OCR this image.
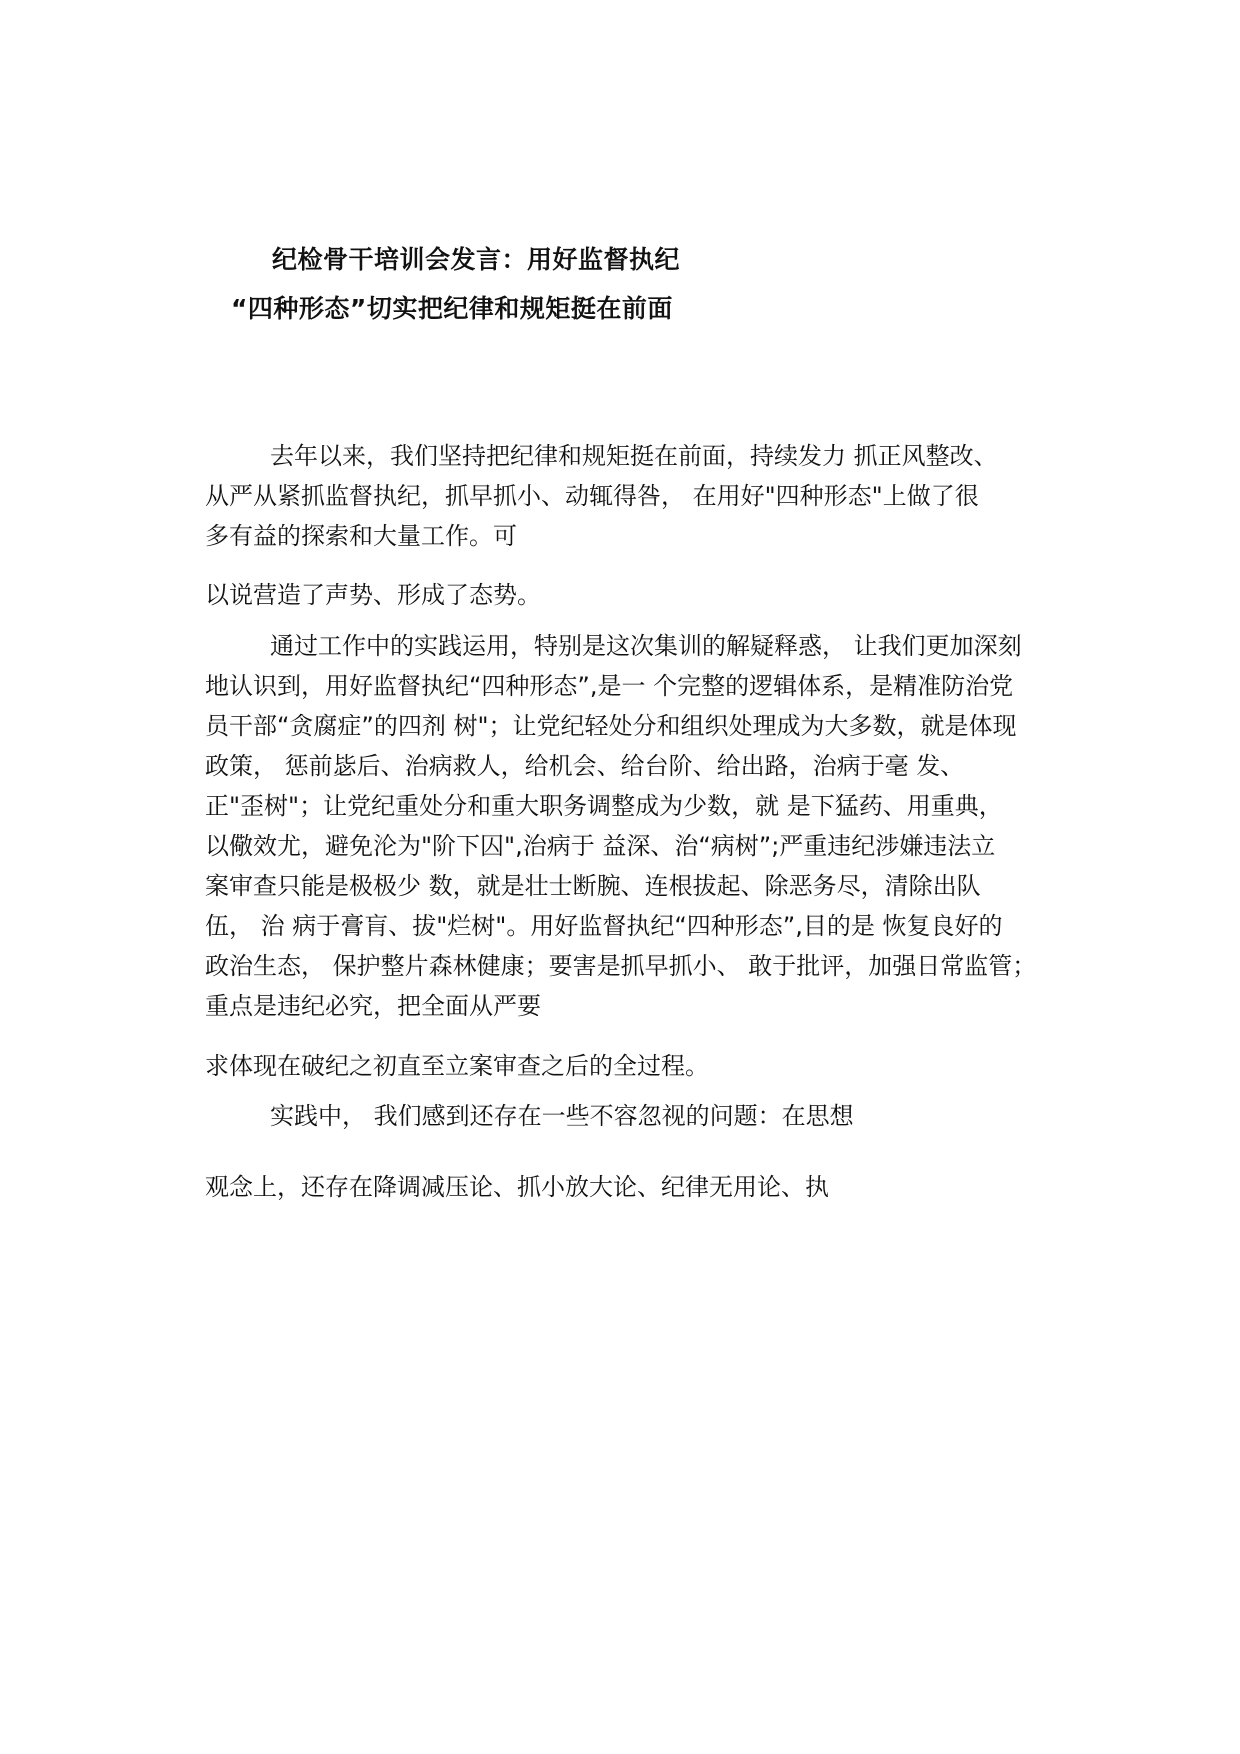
纪检骨干培训会发言：用好监督执纪
“四种形态”切实把纪律和规矩挺在前面
去年以来，我们坚持把纪律和规矩挺在前面，持续发力 抓正风整改、
从严从紧抓监督执纪，抓早抓小、动辄得咎， 在用好"四种形态"上做了很
多有益的探索和大量工作。可
以说营造了声势、形成了态势。
通过工作中的实践运用，特别是这次集训的解疑释惑， 让我们更加深刻
地认识到，用好监督执纪“四种形态”,是一 个完整的逻辑体系，是精准防治党
员干部“贪腐症”的四剂 树"；让党纪轻处分和组织处理成为大多数，就是体现
政策， 惩前毖后、治病救人，给机会、给台阶、给出路，治病于毫 发、
正"歪树"；让党纪重处分和重大职务调整成为少数，就 是下猛药、用重典，
以儆效尤，避免沦为"阶下囚",治病于 益深、治“病树”;严重违纪涉嫌违法立
案审查只能是极极少 数，就是壮士断腕、连根拔起、除恶务尽，清除出队
伍， 治 病于膏肓、拔"烂树"。用好监督执纪“四种形态”,目的是 恢复良好的
政治生态， 保护整片森林健康；要害是抓早抓小、 敢于批评，加强日常监管；
重点是违纪必究，把全面从严要
求体现在破纪之初直至立案审查之后的全过程。
实践中， 我们感到还存在一些不容忽视的问题：在思想
观念上，还存在降调减压论、抓小放大论、纪律无用论、执
